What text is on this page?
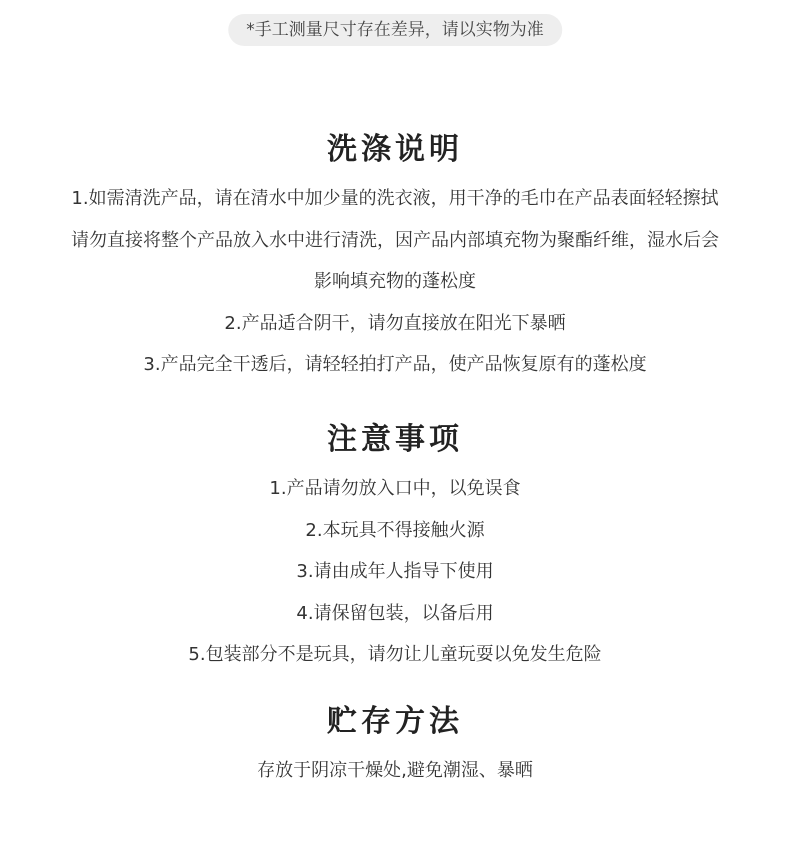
*手工测量尺寸存在差异，请以实物为准
洗涤说明
1.如需清洗产品，请在清水中加少量的洗衣液，用干净的毛巾在产品表面轻轻擦拭
请勿直接将整个产品放入水中进行清洗，因产品内部填充物为聚酯纤维，湿水后会
影响填充物的蓬松度
2.产品适合阴干，请勿直接放在阳光下暴晒
3.产品完全干透后，请轻轻拍打产品，使产品恢复原有的蓬松度
注意事项
1.产品请勿放入口中，以免误食
2.本玩具不得接触火源
3.请由成年人指导下使用
4.请保留包装，以备后用
5.包装部分不是玩具，请勿让儿童玩耍以免发生危险
贮存方法
存放于阴凉干燥处,避免潮湿、暴晒
